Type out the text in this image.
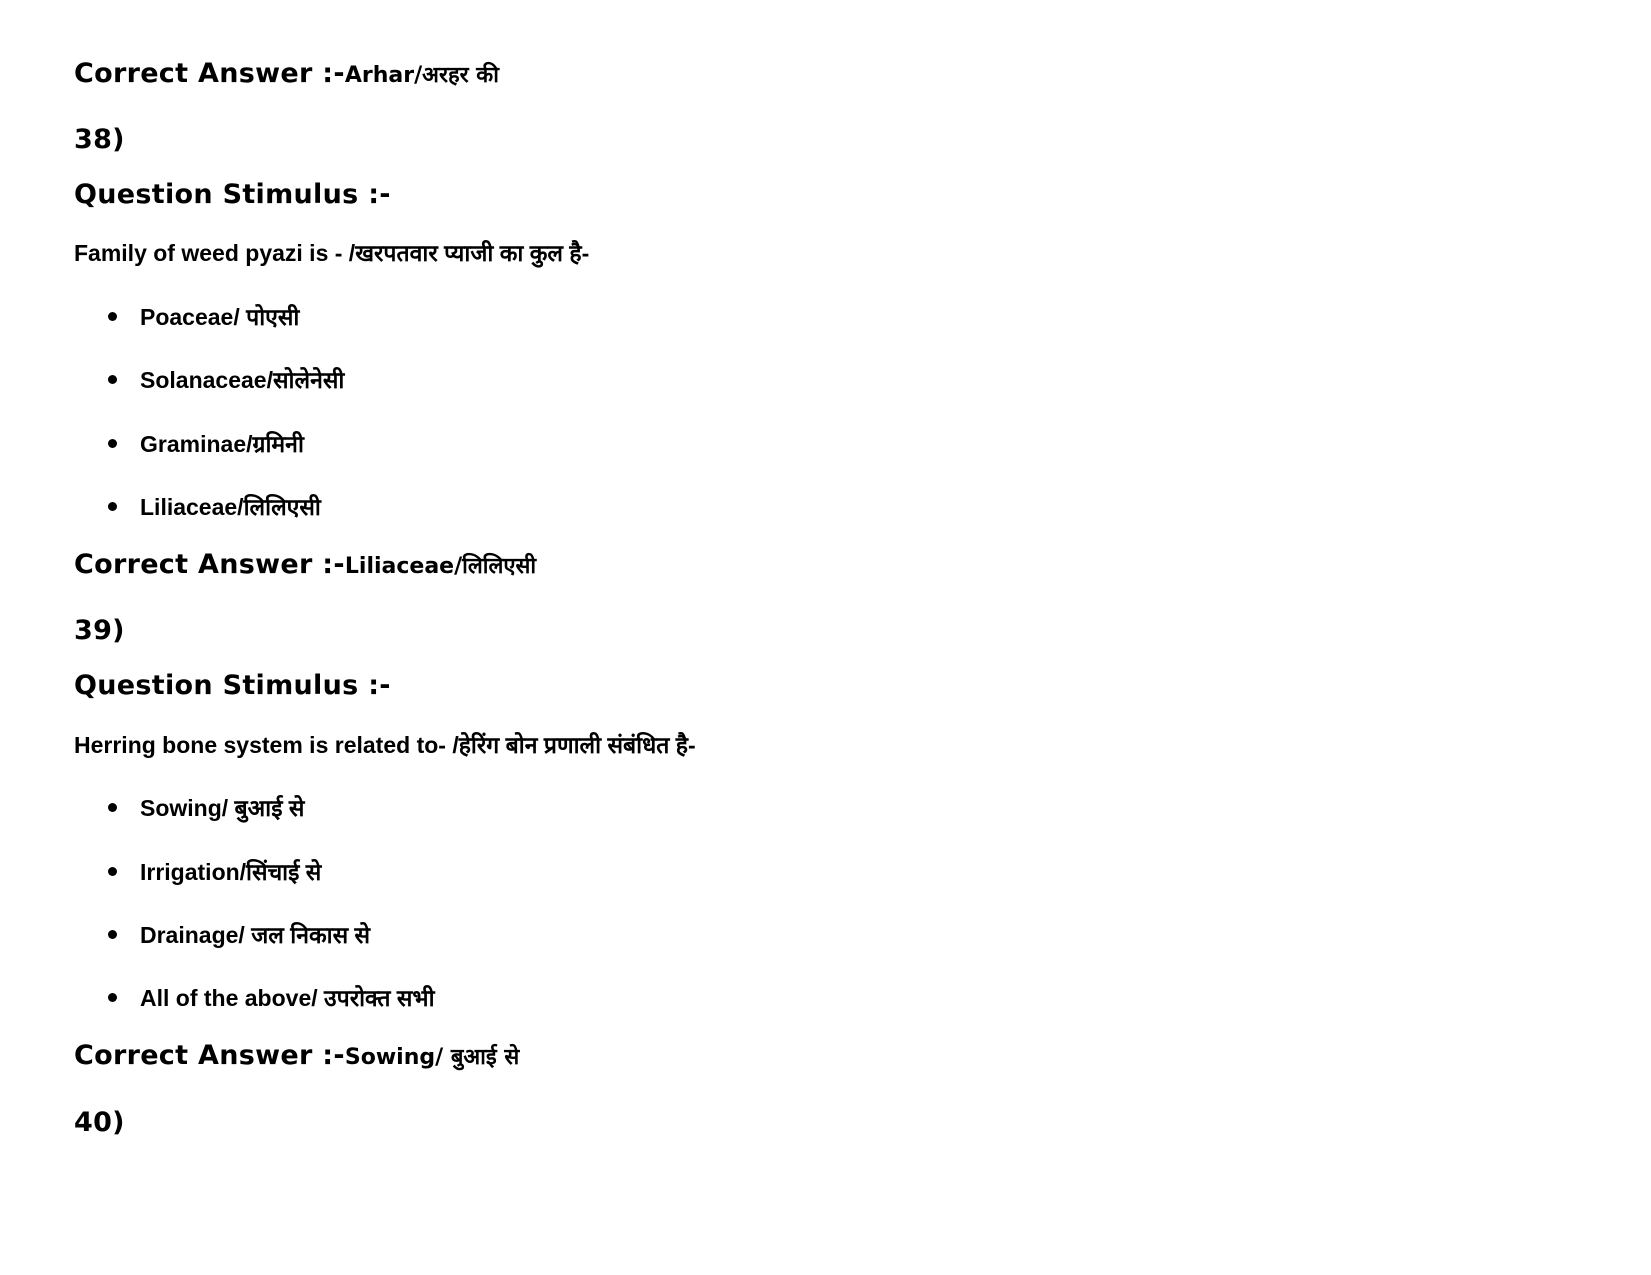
Correct Answer :-Arhar/अरहर की
38)
Question Stimulus :-
Family of weed pyazi is - /खरपतवार प्याजी का कुल है-
Poaceae/ पोएसी
Solanaceae/सोलेनेसी
Graminae/ग्रमिनी
Liliaceae/लिलिएसी
Correct Answer :-Liliaceae/लिलिएसी
39)
Question Stimulus :-
Herring bone system is related to- /हेरिंग बोन प्रणाली संबंधित है-
Sowing/ बुआई से
Irrigation/सिंचाई से
Drainage/ जल निकास से
All of the above/ उपरोक्त सभी
Correct Answer :-Sowing/ बुआई से
40)
